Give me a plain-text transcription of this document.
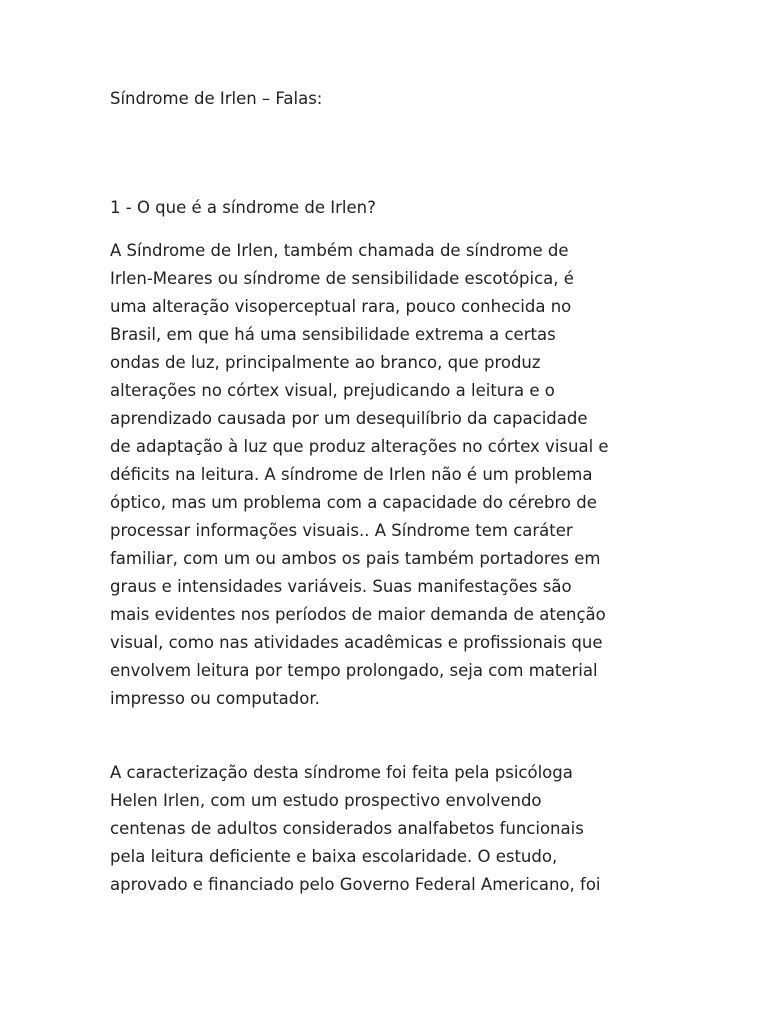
Síndrome de Irlen – Falas:
1 - O que é a síndrome de Irlen?

A Síndrome de Irlen, também chamada de síndrome de
Irlen-Meares ou síndrome de sensibilidade escotópica, é
uma alteração visoperceptual rara, pouco conhecida no
Brasil, em que há uma sensibilidade extrema a certas
ondas de luz, principalmente ao branco, que produz
alterações no córtex visual, prejudicando a leitura e o
aprendizado causada por um desequilíbrio da capacidade
de adaptação à luz que produz alterações no córtex visual e
déficits na leitura. A síndrome de Irlen não é um problema
óptico, mas um problema com a capacidade do cérebro de
processar informações visuais.. A Síndrome tem caráter
familiar, com um ou ambos os pais também portadores em
graus e intensidades variáveis. Suas manifestações são
mais evidentes nos períodos de maior demanda de atenção
visual, como nas atividades acadêmicas e profissionais que
envolvem leitura por tempo prolongado, seja com material
impresso ou computador.

A caracterização desta síndrome foi feita pela psicóloga
Helen Irlen, com um estudo prospectivo envolvendo
centenas de adultos considerados analfabetos funcionais
pela leitura deficiente e baixa escolaridade. O estudo,
aprovado e financiado pelo Governo Federal Americano, foi
